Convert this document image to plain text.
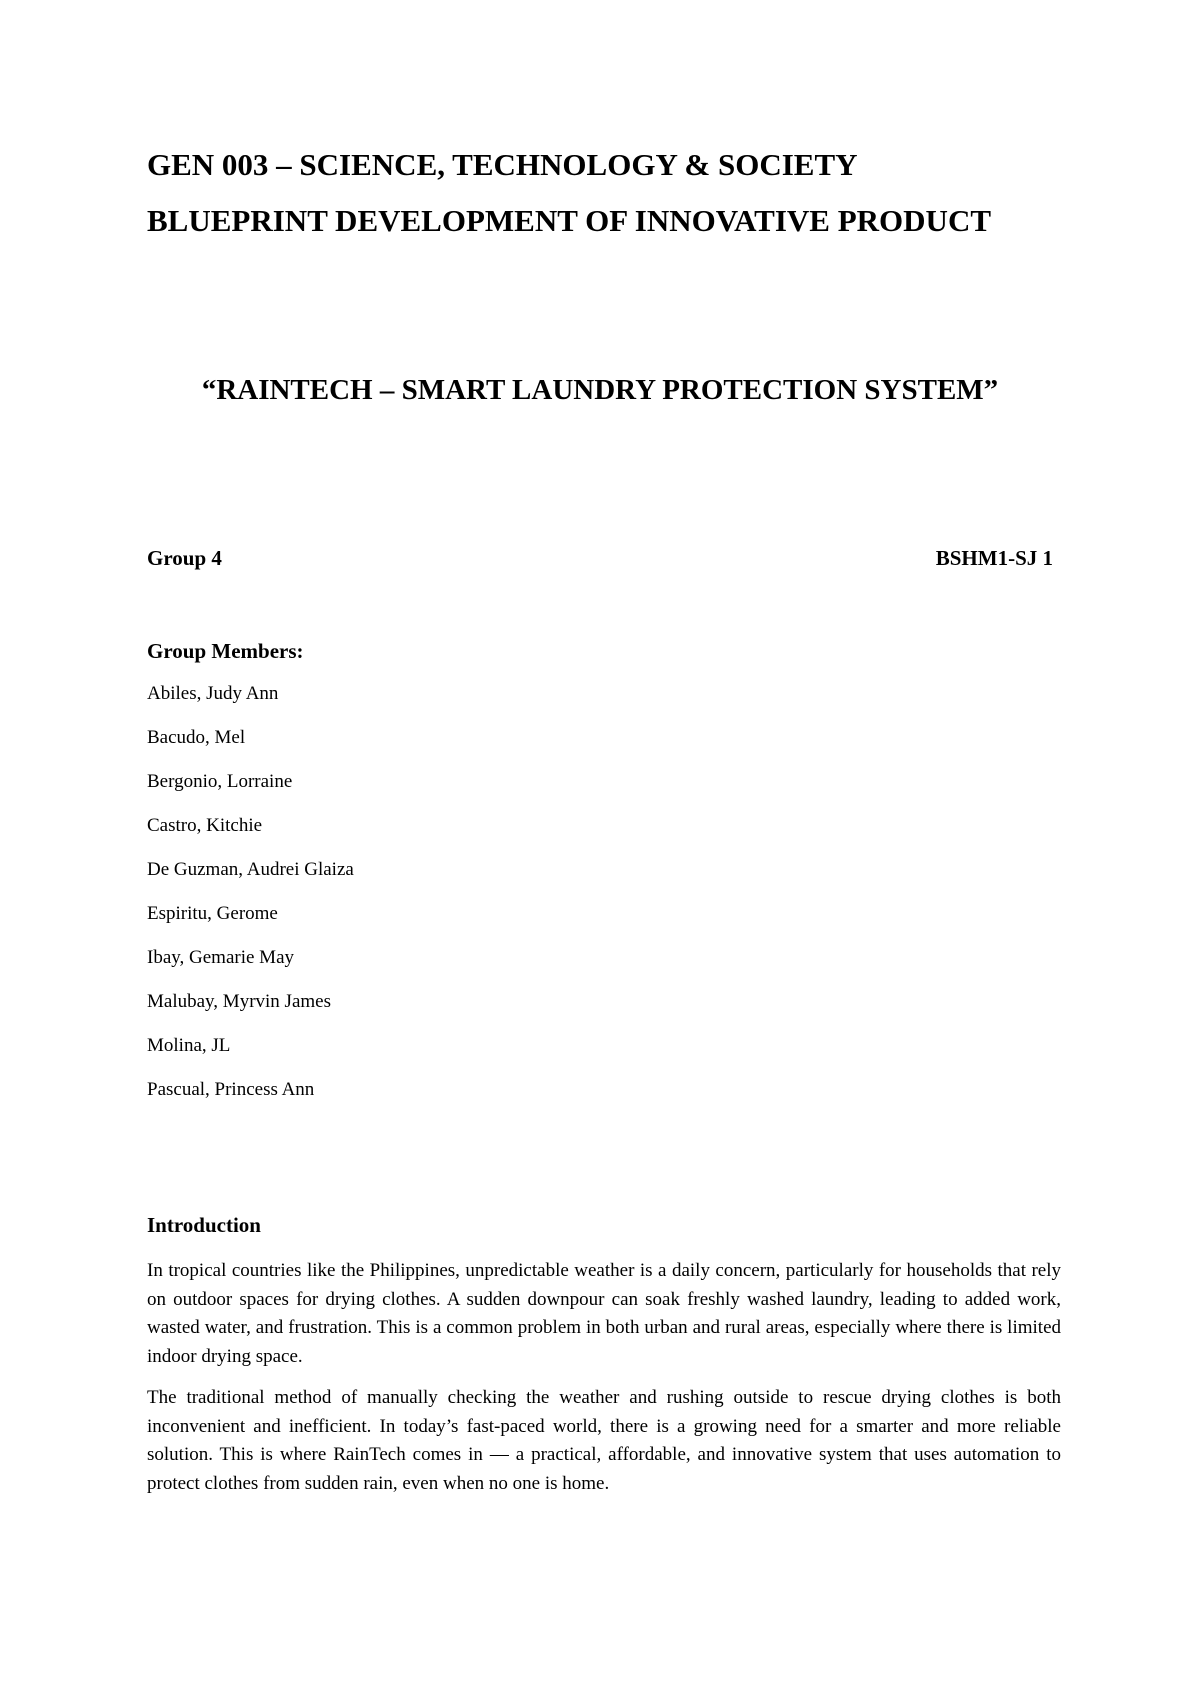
GEN 003 – SCIENCE, TECHNOLOGY & SOCIETY
BLUEPRINT DEVELOPMENT OF INNOVATIVE PRODUCT
“RAINTECH – SMART LAUNDRY PROTECTION SYSTEM”
Group 4	BSHM1-SJ 1
Group Members:
Abiles, Judy Ann
Bacudo, Mel
Bergonio, Lorraine
Castro, Kitchie
De Guzman, Audrei Glaiza
Espiritu, Gerome
Ibay, Gemarie May
Malubay, Myrvin James
Molina, JL
Pascual, Princess Ann
Introduction

In tropical countries like the Philippines, unpredictable weather is a daily concern, particularly for households that rely on outdoor spaces for drying clothes. A sudden downpour can soak freshly washed laundry, leading to added work, wasted water, and frustration. This is a common problem in both urban and rural areas, especially where there is limited indoor drying space.

The traditional method of manually checking the weather and rushing outside to rescue drying clothes is both inconvenient and inefficient. In today’s fast-paced world, there is a growing need for a smarter and more reliable solution. This is where RainTech comes in — a practical, affordable, and innovative system that uses automation to protect clothes from sudden rain, even when no one is home.
